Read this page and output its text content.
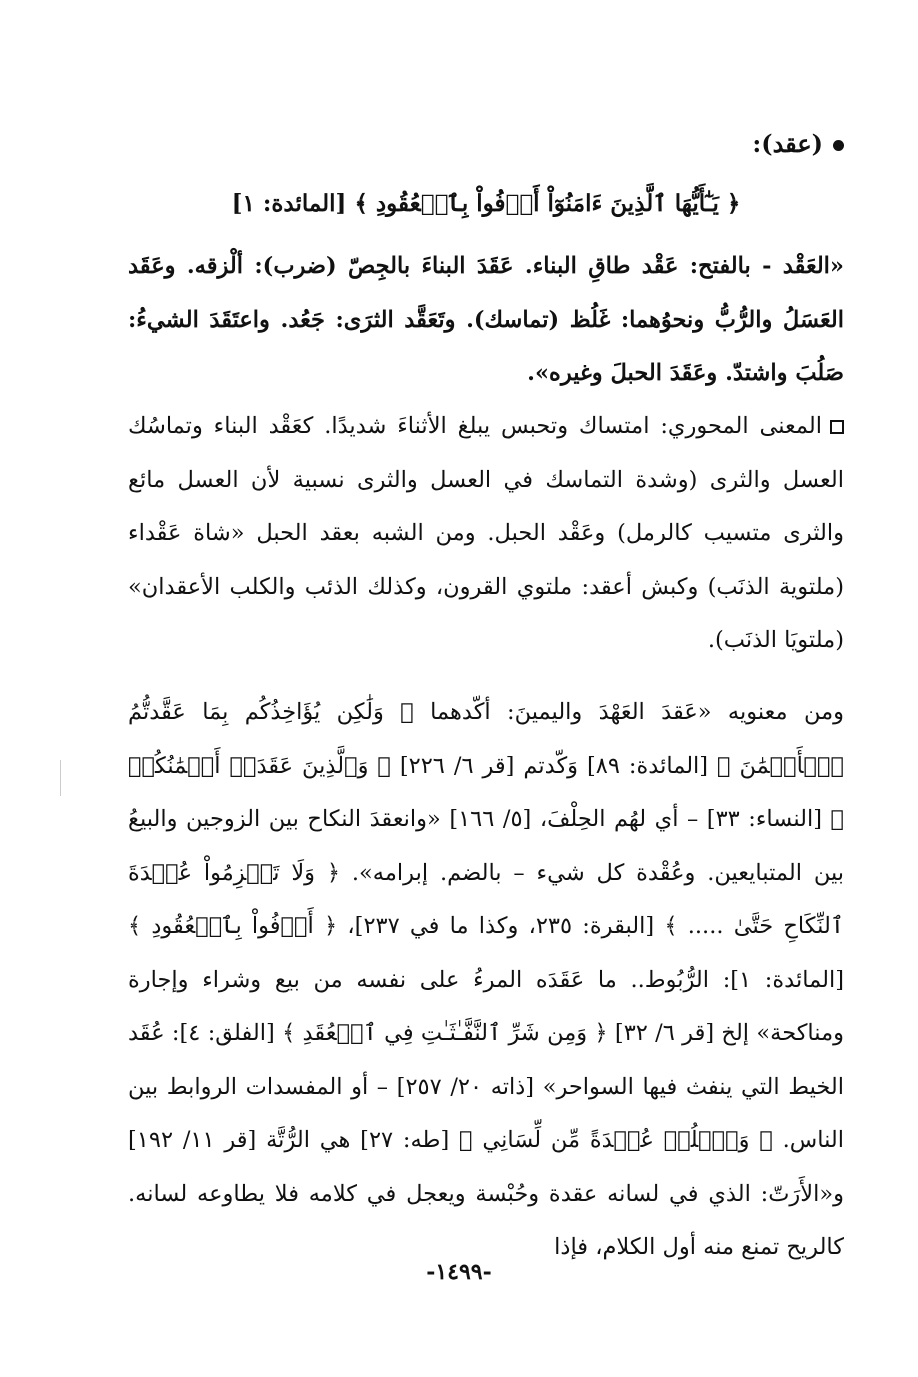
(عقد):
﴿ يَـٰٓأَيُّهَا ٱلَّذِينَ ءَامَنُوٓاْ أَوۡفُواْ بِٱلۡعُقُودِ ﴾ [المائدة: ١]
«العَقْد - بالفتح: عَقْد طاقِ البناء. عَقَدَ البناءَ بالجِصّ (ضرب): ألْزقه. وعَقَد العَسَلُ والرُّبُّ ونحوُهما: غَلُظ (تماسك). وتَعَقَّد الثرَى: جَعُد. واعتَقَدَ الشيءُ: صَلُبَ واشتدّ. وعَقَدَ الحبلَ وغيره».
المعنى المحوري: امتساك وتحبس يبلغ الأثناءَ شديدًا. كعَقْد البناء وتماسُك العسل والثرى (وشدة التماسك في العسل والثرى نسبية لأن العسل مائع والثرى متسيب كالرمل) وعَقْد الحبل. ومن الشبه بعقد الحبل «شاة عَقْداء (ملتوية الذنَب) وكبش أعقد: ملتوي القرون، وكذلك الذئب والكلب الأعقدان» (ملتويَا الذنَب).
ومن معنويه «عَقدَ العَهْدَ واليمينَ: أكّدهما ﴿ وَلَٰكِن يُؤَاخِذُكُم بِمَا عَقَّدتُّمُ ٱلۡأَيۡمَٰنَ ﴾ [المائدة: ٨٩] وَكّدتم [قر ٦/ ٢٢٦] ﴿ وَٱلَّذِينَ عَقَدَتۡ أَيۡمَٰنُكُمۡ ﴾ [النساء: ٣٣] – أي لهُم الحِلْفَ، [٥/ ١٦٦] «وانعقدَ النكاح بين الزوجين والبيعُ بين المتبايعين. وعُقْدة كل شيء – بالضم. إبرامه». ﴿ وَلَا تَعۡزِمُواْ عُقۡدَةَ ٱلنِّكَاحِ حَتَّىٰ ..... ﴾ [البقرة: ٢٣٥، وكذا ما في ٢٣٧]، ﴿ أَوۡفُواْ بِٱلۡعُقُودِ ﴾ [المائدة: ١]: الرُّبُوط.. ما عَقَدَه المرءُ على نفسه من بيع وشراء وإجارة ومناكحة» إلخ [قر ٦/ ٣٢] ﴿ وَمِن شَرِّ ٱلنَّفَّـٰثَـٰتِ فِي ٱلۡعُقَدِ ﴾ [الفلق: ٤]: عُقَد الخيط التي ينفث فيها السواحر» [ذاته ٢٠/ ٢٥٧] – أو المفسدات الروابط بين الناس. ﴿ وَٱحۡلُلۡ عُقۡدَةً مِّن لِّسَانِي ﴾ [طه: ٢٧] هي الرُّتَّة [قر ١١/ ١٩٢] و«الأَرَتّ: الذي في لسانه عقدة وحُبْسة ويعجل في كلامه فلا يطاوعه لسانه. كالريح تمنع منه أول الكلام، فإذا
-١٤٩٩-
